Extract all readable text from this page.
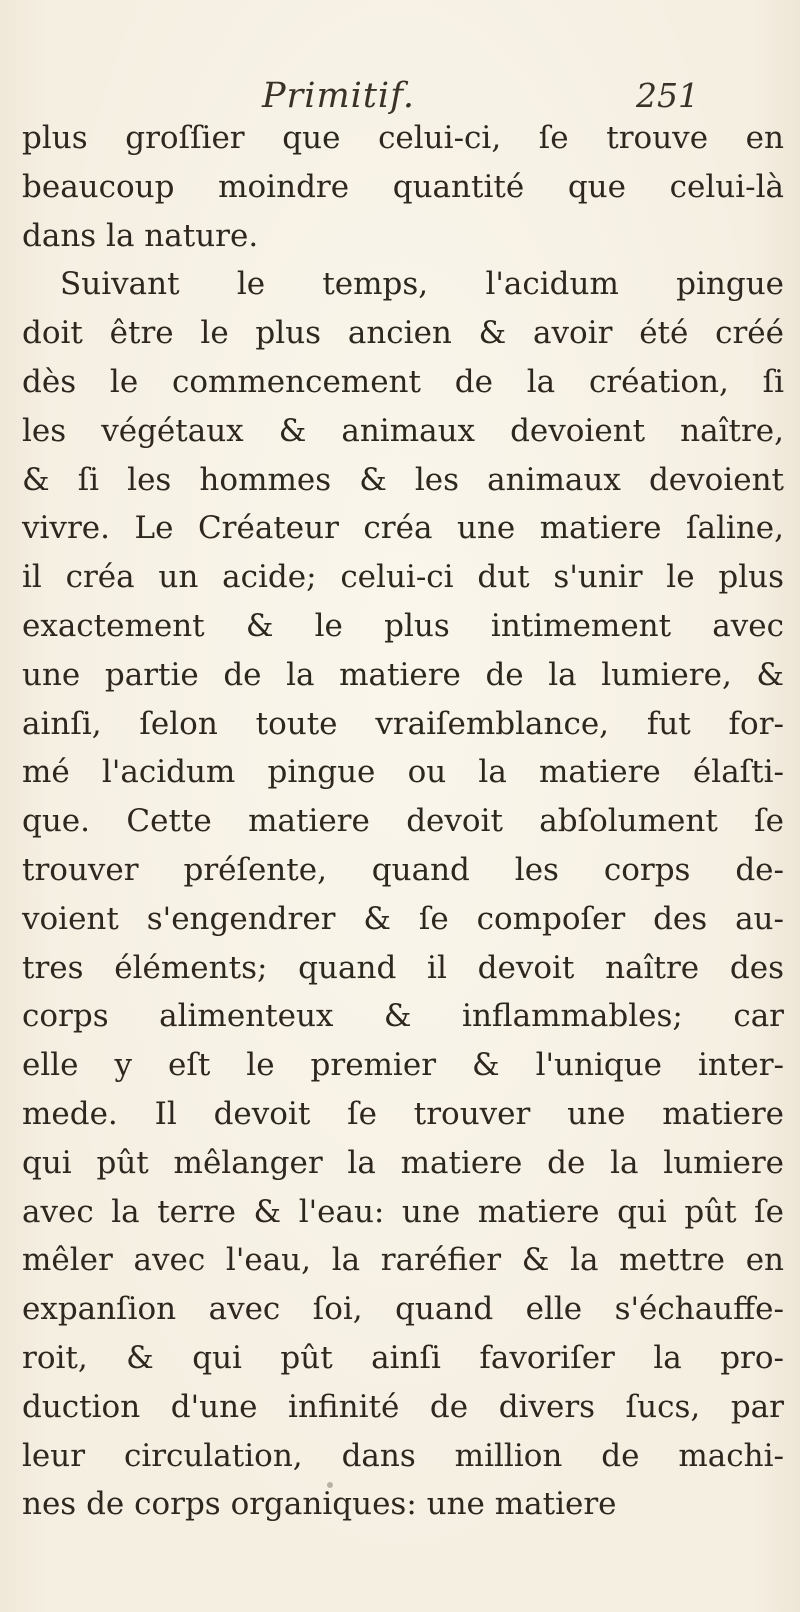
Primitif.	251
plus groſſier que celui-ci, ſe trouve en
beaucoup moindre quantité que celui-là
dans la nature.
Suivant le temps, l'acidum pingue
doit être le plus ancien & avoir été créé
dès le commencement de la création, ſi
les végétaux & animaux devoient naître,
& ſi les hommes & les animaux devoient
vivre. Le Créateur créa une matiere ſaline,
il créa un acide; celui-ci dut s'unir le plus
exactement & le plus intimement avec
une partie de la matiere de la lumiere, &
ainſi, ſelon toute vraiſemblance, fut for-
mé l'acidum pingue ou la matiere élaſti-
que. Cette matiere devoit abſolument ſe
trouver préſente, quand les corps de-
voient s'engendrer & ſe compoſer des au-
tres éléments; quand il devoit naître des
corps alimenteux & inflammables; car
elle y eſt le premier & l'unique inter-
mede. Il devoit ſe trouver une matiere
qui pût mêlanger la matiere de la lumiere
avec la terre & l'eau: une matiere qui pût ſe
mêler avec l'eau, la raréfier & la mettre en
expanſion avec ſoi, quand elle s'échauffe-
roit, & qui pût ainſi favoriſer la pro-
duction d'une infinité de divers ſucs, par
leur circulation, dans million de machi-
nes de corps organiques: une matiere
